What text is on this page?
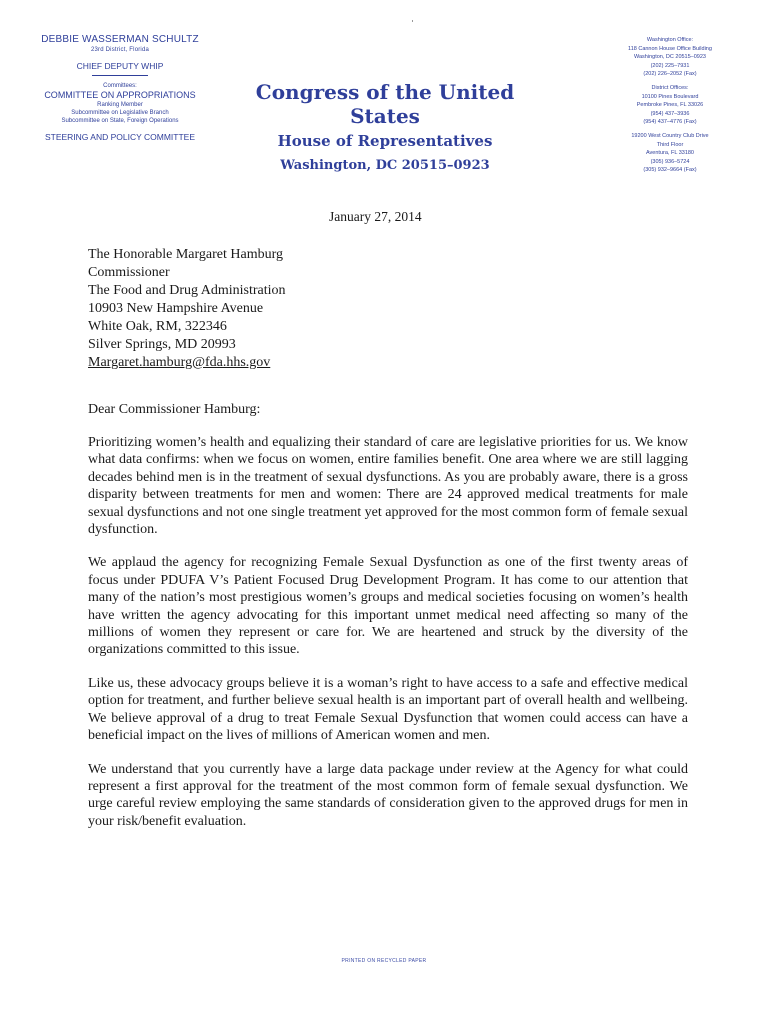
DEBBIE WASSERMAN SCHULTZ
23rd District, Florida
CHIEF DEPUTY WHIP
Committees:
COMMITTEE ON APPROPRIATIONS
Ranking Member
Subcommittee on Legislative Branch
Subcommittee on State, Foreign Operations
STEERING AND POLICY COMMITTEE
Congress of the United States
House of Representatives
Washington, DC 20515–0923
Washington Office:
118 Cannon House Office Building
Washington, DC 20515–0923
(202) 225–7931
(202) 226–2052 (Fax)
District Offices:
10100 Pines Boulevard
Pembroke Pines, FL 33026
(954) 437–3936
(954) 437–4776 (Fax)
19200 West Country Club Drive
Third Floor
Aventura, FL 33180
(305) 936–5724
(305) 932–9664 (Fax)
January 27, 2014
The Honorable Margaret Hamburg
Commissioner
The Food and Drug Administration
10903 New Hampshire Avenue
White Oak, RM, 322346
Silver Springs, MD 20993
Margaret.hamburg@fda.hhs.gov
Dear Commissioner Hamburg:

Prioritizing women’s health and equalizing their standard of care are legislative priorities for us. We know what data confirms: when we focus on women, entire families benefit. One area where we are still lagging decades behind men is in the treatment of sexual dysfunctions. As you are probably aware, there is a gross disparity between treatments for men and women: There are 24 approved medical treatments for male sexual dysfunctions and not one single treatment yet approved for the most common form of female sexual dysfunction.

We applaud the agency for recognizing Female Sexual Dysfunction as one of the first twenty areas of focus under PDUFA V’s Patient Focused Drug Development Program. It has come to our attention that many of the nation’s most prestigious women’s groups and medical societies focusing on women’s health have written the agency advocating for this important unmet medical need affecting so many of the millions of women they represent or care for. We are heartened and struck by the diversity of the organizations committed to this issue.

Like us, these advocacy groups believe it is a woman’s right to have access to a safe and effective medical option for treatment, and further believe sexual health is an important part of overall health and wellbeing. We believe approval of a drug to treat Female Sexual Dysfunction that women could access can have a beneficial impact on the lives of millions of American women and men.

We understand that you currently have a large data package under review at the Agency for what could represent a first approval for the treatment of the most common form of female sexual dysfunction. We urge careful review employing the same standards of consideration given to the approved drugs for men in your risk/benefit evaluation.

PRINTED ON RECYCLED PAPER
